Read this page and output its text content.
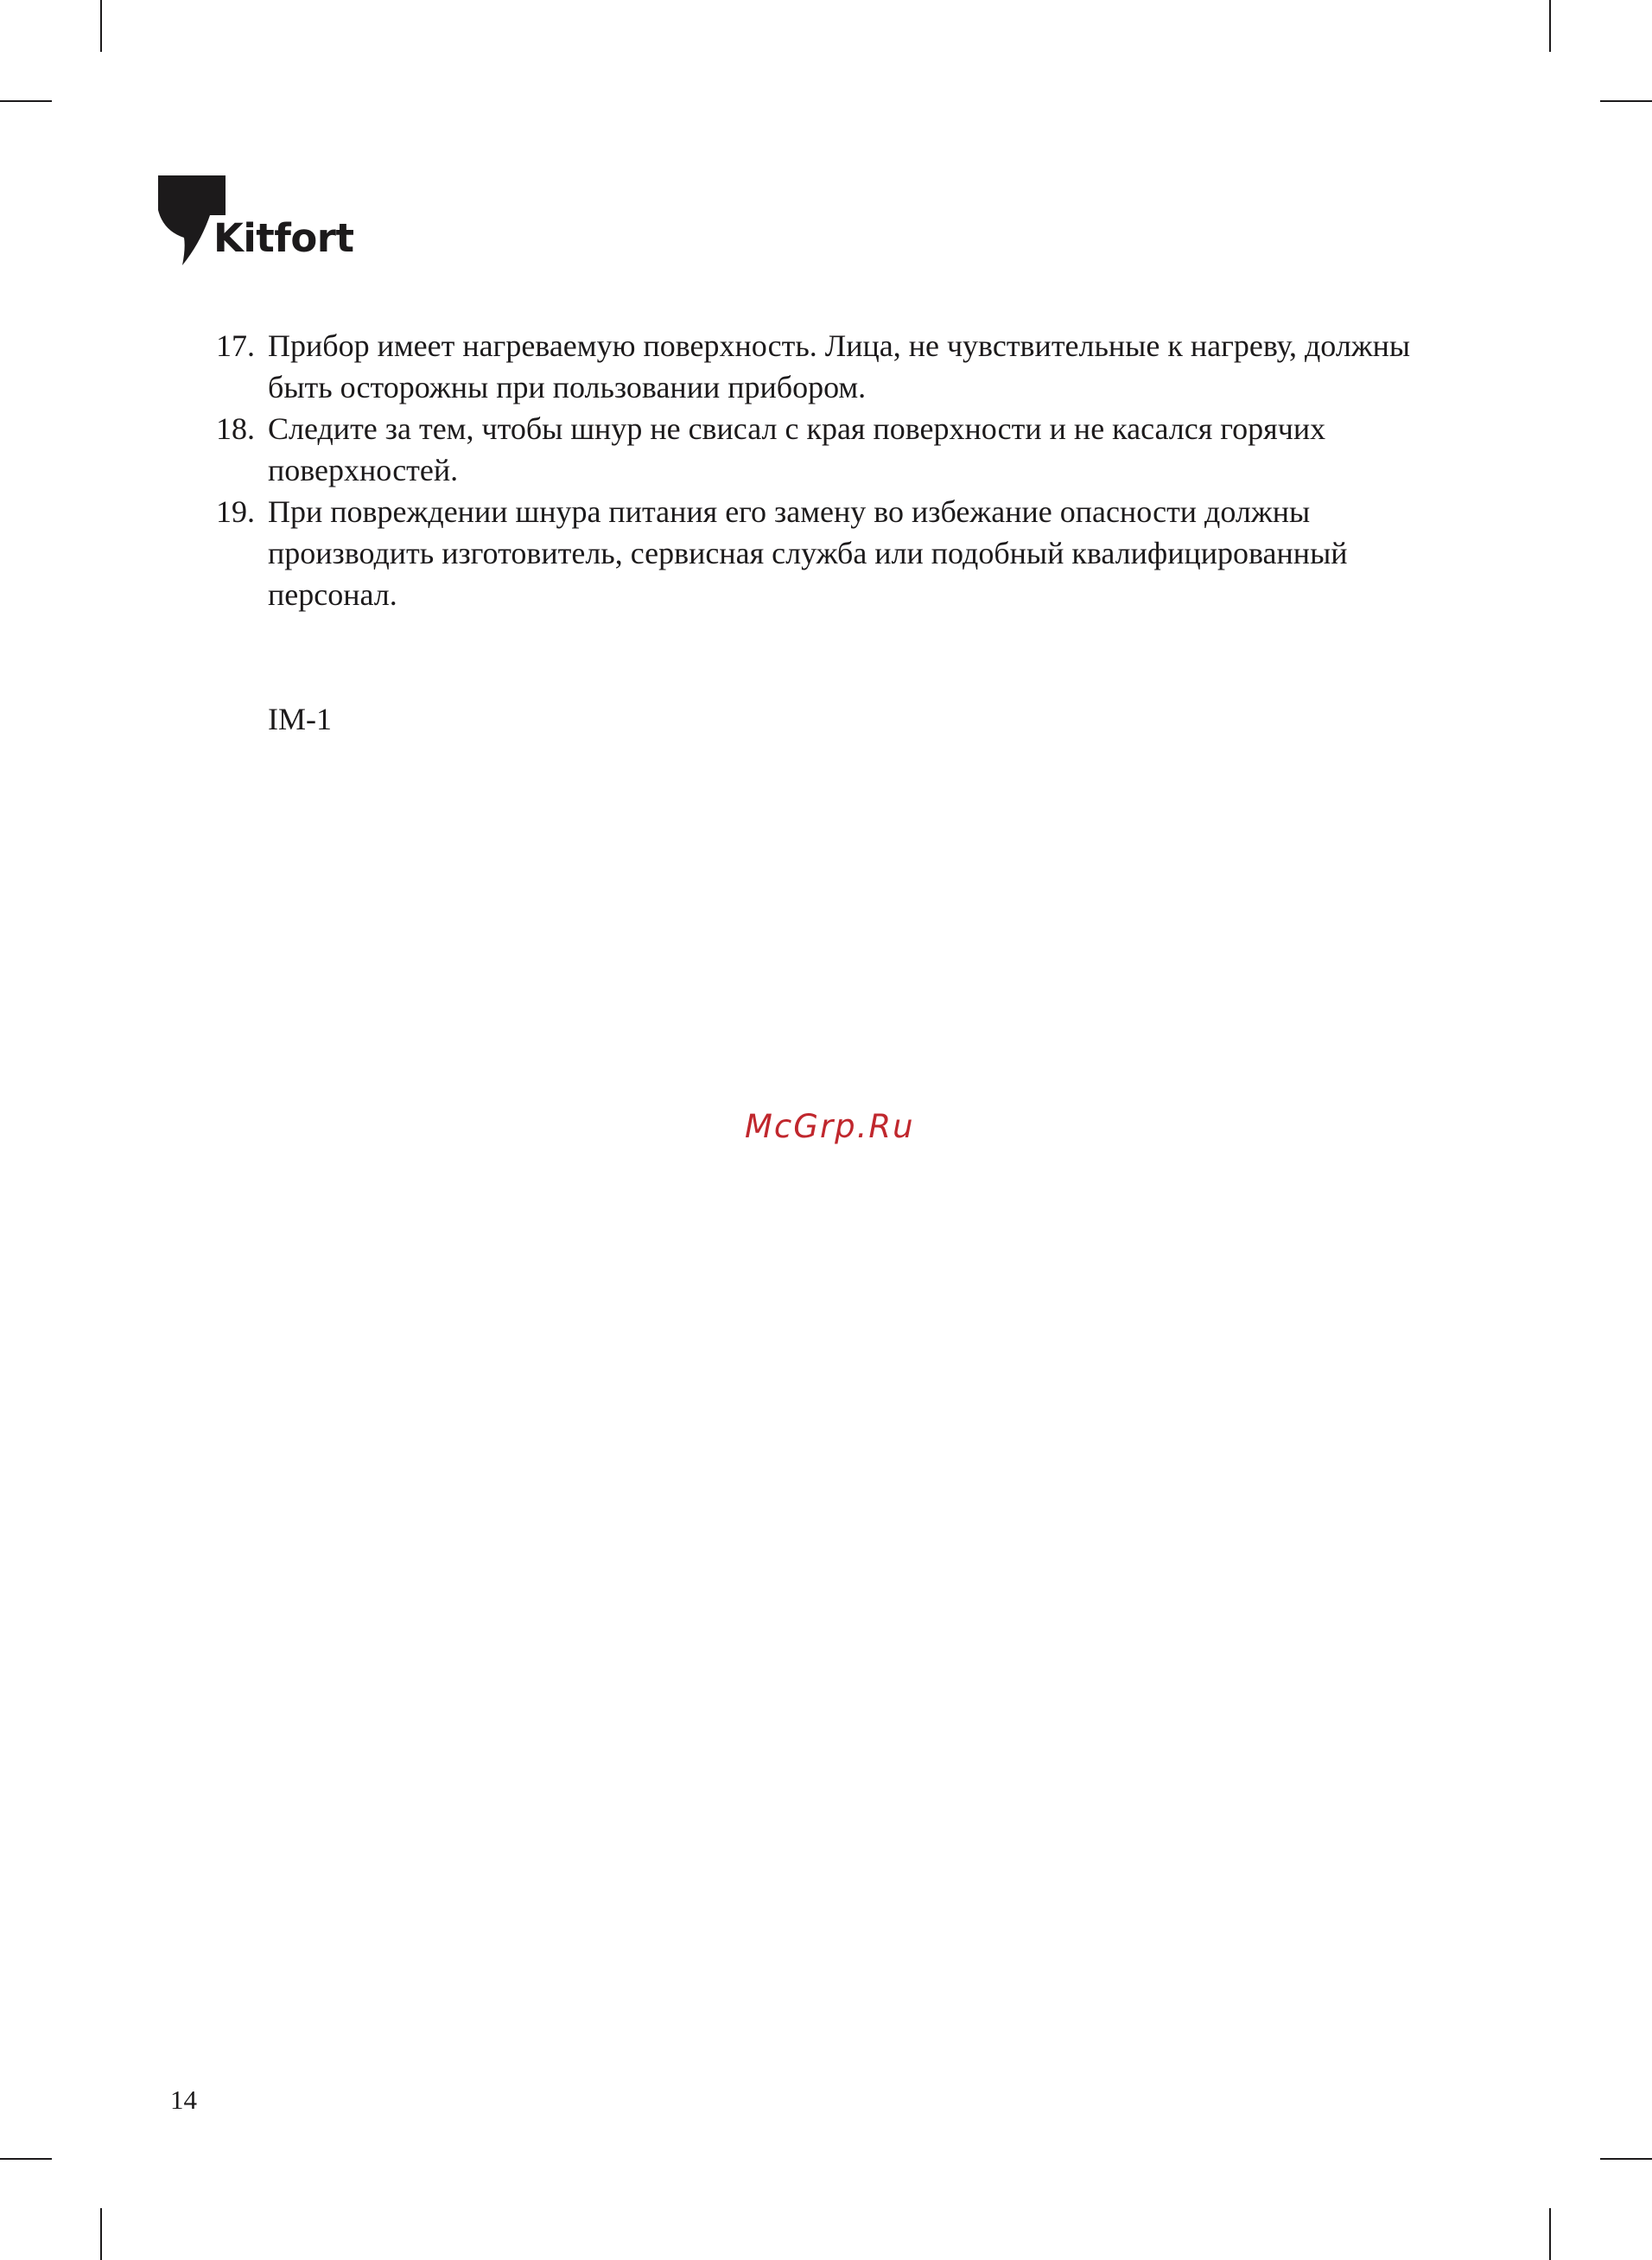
Kitfort
17. Прибор имеет нагреваемую поверхность. Лица, не чувствительные к нагреву, должны быть осторожны при пользовании прибором.
18. Следите за тем, чтобы шнур не свисал с края поверхности и не касался горячих поверхностей.
19. При повреждении шнура питания его замену во избежание опасности должны производить изготовитель, сервисная служба или подобный квалифицированный персонал.
IM-1
McGrp.Ru
14
